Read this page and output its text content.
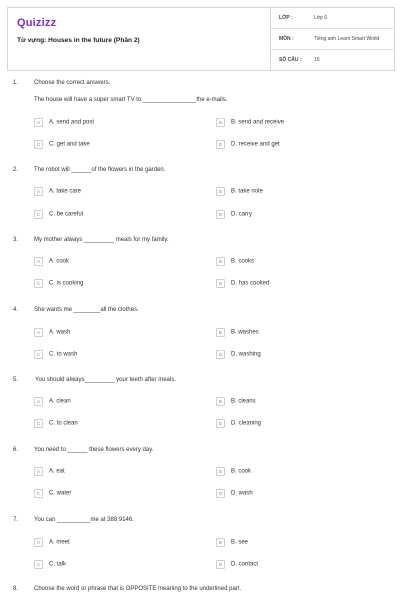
Quizizz
Từ vựng: Houses in the future (Phần 2)
LỚP :	Lớp 6
MÔN :	Tiếng anh Learn Smart World
SỐ CÂU :	15
1.	Choose the correct answers.
The house will have a super smart TV to ________________the e-mails.
A A. send and post	B B. send and receive
C C. get and take	D D. receive and get
2.	The robot will ______of the flowers in the garden.
A A. take care	B B. take note
C C. be careful	D D. carry
3.	My mother always _________ meals for my family.
A A. cook	B B. cooks
C C. is cooking	D D. has cooked
4.	She wants me ________all the clothes.
A A. wash	B B. washes
C C. to wash	D D. washing
5.	You should always_________ your teeth after meals.
A A. clean	B B. cleans
C C. to clean	D D. cleaning
6.	You need to ______ these flowers every day.
A A. eat	B B. cook
C C. water	D D. wash
7.	You can __________me at 388 9146.
A A. meet	B B. see
C C. talk	D D. contact
8.	Choose the word or phrase that is OPPOSITE meaning to the underlined part.
